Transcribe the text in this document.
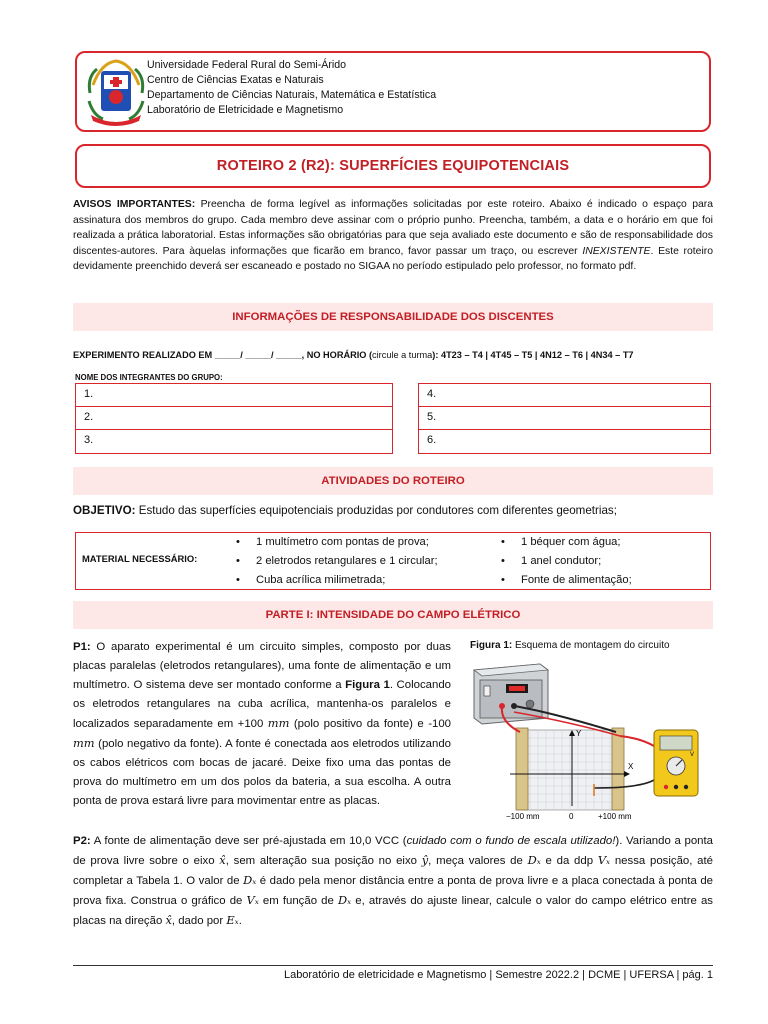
Universidade Federal Rural do Semi-Árido
Centro de Ciências Exatas e Naturais
Departamento de Ciências Naturais, Matemática e Estatística
Laboratório de Eletricidade e Magnetismo
ROTEIRO 2 (R2): SUPERFÍCIES EQUIPOTENCIAIS
AVISOS IMPORTANTES: Preencha de forma legível as informações solicitadas por este roteiro. Abaixo é indicado o espaço para assinatura dos membros do grupo. Cada membro deve assinar com o próprio punho. Preencha, também, a data e o horário em que foi realizada a prática laboratorial. Estas informações são obrigatórias para que seja avaliado este documento e são de responsabilidade dos discentes-autores. Para àquelas informações que ficarão em branco, favor passar um traço, ou escrever INEXISTENTE. Este roteiro devidamente preenchido deverá ser escaneado e postado no SIGAA no período estipulado pelo professor, no formato pdf.
INFORMAÇÕES DE RESPONSABILIDADE DOS DISCENTES
EXPERIMENTO REALIZADO EM _____/ _____/ _____, NO HORÁRIO (circule a turma): 4T23 – T4 | 4T45 – T5 | 4N12 – T6 | 4N34 – T7
NOME DOS INTEGRANTES DO GRUPO:
1.
2.
3.
4.
5.
6.
ATIVIDADES DO ROTEIRO
OBJETIVO: Estudo das superfícies equipotenciais produzidas por condutores com diferentes geometrias;
MATERIAL NECESSÁRIO:
• 1 multímetro com pontas de prova;
• 2 eletrodos retangulares e 1 circular;
• Cuba acrílica milimetrada;
• 1 béquer com água;
• 1 anel condutor;
• Fonte de alimentação;
PARTE I: INTENSIDADE DO CAMPO ELÉTRICO
P1: O aparato experimental é um circuito simples, composto por duas placas paralelas (eletrodos retangulares), uma fonte de alimentação e um multímetro. O sistema deve ser montado conforme a Figura 1. Colocando os eletrodos retangulares na cuba acrílica, mantenha-os paralelos e localizados separadamente em +100 mm (polo positivo da fonte) e -100 mm (polo negativo da fonte). A fonte é conectada aos eletrodos utilizando os cabos elétricos com bocas de jacaré. Deixe fixo uma das pontas de prova do multímetro em um dos polos da bateria, a sua escolha. A outra ponta de prova estará livre para movimentar entre as placas.
Figura 1: Esquema de montagem do circuito
Y
X
V
−100 mm	0	+100 mm
P2: A fonte de alimentação deve ser pré-ajustada em 10,0 VCC (cuidado com o fundo de escala utilizado!). Variando a ponta de prova livre sobre o eixo x̂, sem alteração sua posição no eixo ŷ, meça valores de Dₓ e da ddp Vₓ nessa posição, até completar a Tabela 1. O valor de Dₓ é dado pela menor distância entre a ponta de prova livre e a placa conectada à ponta de prova fixa. Construa o gráfico de Vₓ em função de Dₓ e, através do ajuste linear, calcule o valor do campo elétrico entre as placas na direção x̂, dado por Eₓ.
Laboratório de eletricidade e Magnetismo | Semestre 2022.2 | DCME | UFERSA | pág. 1
